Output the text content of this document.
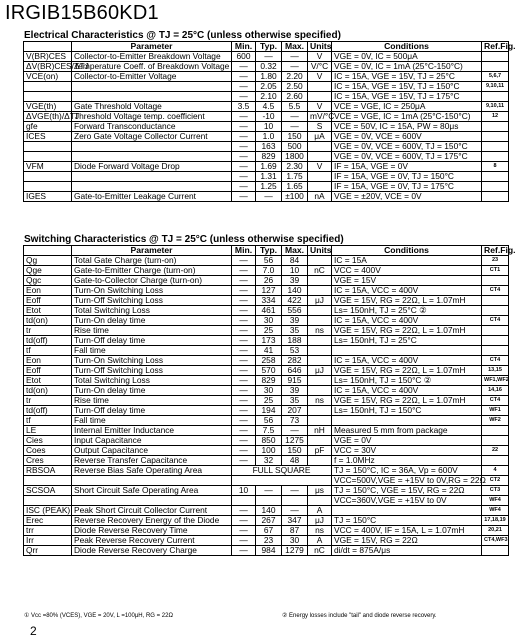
IRGIB15B60KD1
Electrical Characteristics @ TJ = 25°C (unless otherwise specified)
	Parameter	Min.	Typ.	Max.	Units	Conditions	Ref.Fig.
V(BR)CES	Collector-to-Emitter Breakdown Voltage	600	—	—	V	VGE = 0V, IC = 500μA	
ΔV(BR)CES/ΔTJ	Temperature Coeff. of Breakdown Voltage	—	0.32	—	V/°C	VGE = 0V, IC = 1mA (25°C-150°C)	
VCE(on)	Collector-to-Emitter Voltage	—	1.80	2.20	V	IC = 15A, VGE = 15V, TJ = 25°C	5,6,7
		—	2.05	2.50		IC = 15A, VGE = 15V, TJ = 150°C	9,10,11
		—	2.10	2.60		IC = 15A, VGE = 15V, TJ = 175°C	
VGE(th)	Gate Threshold Voltage	3.5	4.5	5.5	V	VCE = VGE, IC = 250μA	9,10,11
ΔVGE(th)/ΔTJ	Threshold Voltage temp. coefficient	—	-10	—	mV/°C	VCE = VGE, IC = 1mA (25°C-150°C)	12
gfe	Forward Transconductance	—	10	—	S	VCE = 50V, IC = 15A, PW = 80μs	
ICES	Zero Gate Voltage Collector Current	—	1.0	150	μA	VGE = 0V, VCE = 600V	
		—	163	500		VGE = 0V, VCE = 600V, TJ = 150°C	
		—	829	1800		VGE = 0V, VCE = 600V, TJ = 175°C	
VFM	Diode Forward Voltage Drop	—	1.69	2.30	V	IF = 15A, VGE = 0V	8
		—	1.31	1.75		IF = 15A, VGE = 0V, TJ = 150°C	
		—	1.25	1.65		IF = 15A, VGE = 0V, TJ = 175°C	
IGES	Gate-to-Emitter Leakage Current	—	—	±100	nA	VGE = ±20V, VCE = 0V	
Switching Characteristics @ TJ = 25°C (unless otherwise specified)
	Parameter	Min.	Typ.	Max.	Units	Conditions	Ref.Fig.
Qg	Total Gate Charge (turn-on)	—	56	84		IC = 15A	23
Qge	Gate-to-Emitter Charge (turn-on)	—	7.0	10	nC	VCC = 400V	CT1
Qgc	Gate-to-Collector Charge (turn-on)	—	26	39		VGE = 15V	
Eon	Turn-On Switching Loss	—	127	140		IC = 15A, VCC = 400V	CT4
Eoff	Turn-Off Switching Loss	—	334	422	μJ	VGE = 15V, RG = 22Ω, L = 1.07mH	
Etot	Total Switching Loss	—	461	556		Ls= 150nH, TJ = 25°C ②	
td(on)	Turn-On delay time	—	30	39		IC = 15A, VCC = 400V	CT4
tr	Rise time	—	25	35	ns	VGE = 15V, RG = 22Ω, L = 1.07mH	
td(off)	Turn-Off delay time	—	173	188		Ls= 150nH, TJ = 25°C	
tf	Fall time	—	41	53			
Eon	Turn-On Switching Loss	—	258	282		IC = 15A, VCC = 400V	CT4
Eoff	Turn-Off Switching Loss	—	570	646	μJ	VGE = 15V, RG = 22Ω, L = 1.07mH	13,15
Etot	Total Switching Loss	—	829	915		Ls= 150nH, TJ = 150°C ②	WF1,WF2
td(on)	Turn-On delay time	—	30	39		IC = 15A, VCC = 400V	14,16
tr	Rise time	—	25	35	ns	VGE = 15V, RG = 22Ω, L = 1.07mH	CT4
td(off)	Turn-Off delay time	—	194	207		Ls= 150nH, TJ = 150°C	WF1
tf	Fall time	—	56	73			WF2
LE	Internal Emitter Inductance	—	7.5	—	nH	Measured 5 mm from package	
Cies	Input Capacitance	—	850	1275		VGE = 0V	
Coes	Output Capacitance	—	100	150	pF	VCC = 30V	22
Cres	Reverse Transfer Capacitance	—	32	48		f = 1.0MHz	
RBSOA	Reverse Bias Safe Operating Area	FULL SQUARE				TJ = 150°C, IC = 36A, Vp = 600V	4
						VCC=500V,VGE = +15V to 0V,RG = 22Ω	CT2
SCSOA	Short Circuit Safe Operating Area	10	—	—	μs	TJ = 150°C, VGE = 15V, RG = 22Ω	CT3
						VCC=360V,VGE = +15V to 0V	WF4
ISC (PEAK)	Peak Short Circuit Collector Current	—	140	—	A		WF4
Erec	Reverse Recovery Energy of the Diode	—	267	347	μJ	TJ = 150°C	17,18,19
trr	Diode Reverse Recovery Time	—	67	87	ns	VCC = 400V, IF = 15A, L = 1.07mH	20,21
Irr	Peak Reverse Recovery Current	—	23	30	A	VGE = 15V, RG = 22Ω	CT4,WF3
Qrr	Diode Reverse Recovery Charge	—	984	1279	nC	di/dt = 875A/μs	
① Vcc =80% (VCES), VGE = 20V, L =100μH, RG = 22Ω	② Energy losses include "tail" and diode reverse recovery.
2
